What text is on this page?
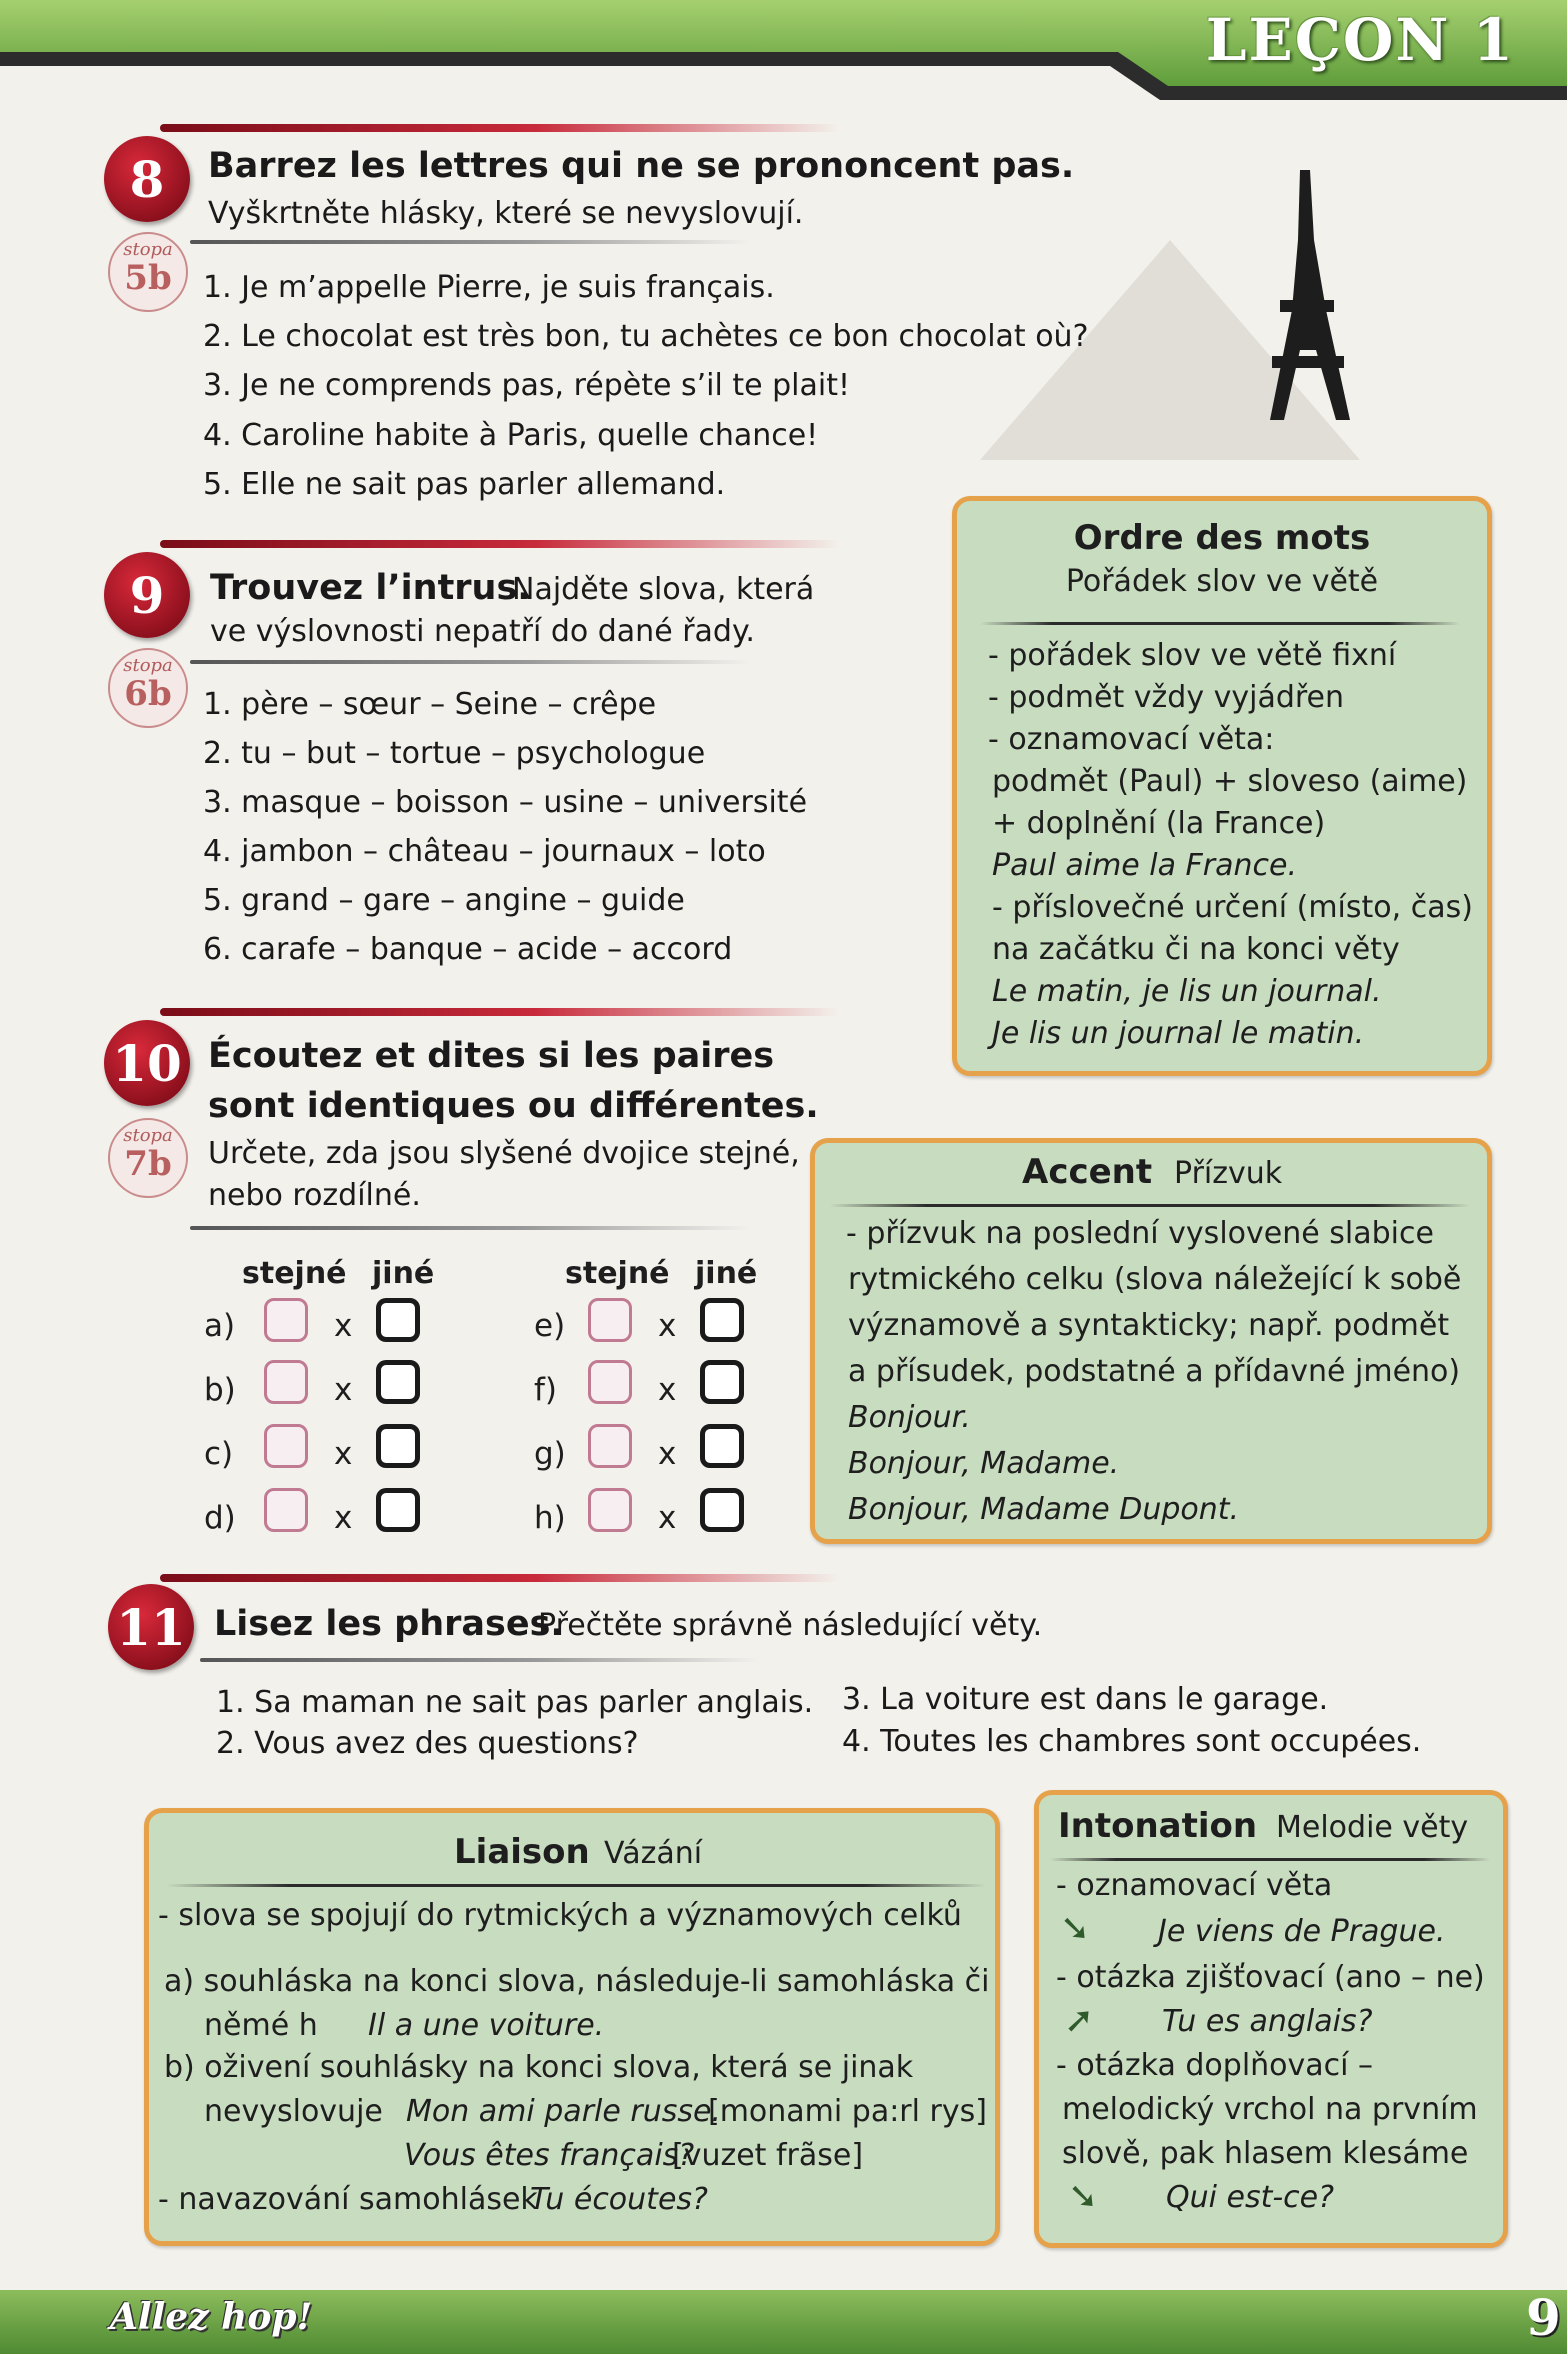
LEÇON 1
8	Barrez les lettres qui ne se prononcent pas.
Vyškrtněte hlásky, které se nevyslovují.
stopa
5b	1. Je m’appelle Pierre, je suis français.
2. Le chocolat est très bon, tu achètes ce bon chocolat où?
3. Je ne comprends pas, répète s’il te plait!
4. Caroline habite à Paris, quelle chance!
5. Elle ne sait pas parler allemand.
9	Trouvez l’intrus.
Najděte slova, která
ve výslovnosti nepatří do dané řady.
stopa
6b	1. père – sœur – Seine – crêpe
2. tu – but – tortue – psychologue
3. masque – boisson – usine – université
4. jambon – château – journaux – loto
5. grand – gare – angine – guide
6. carafe – banque – acide – accord
10 Écoutez et dites si les paires
sont identiques ou différentes.
stopa
7b	Určete, zda jsou slyšené dvojice stejné,
nebo rozdílné.
stejné jiné	stejné jiné
a)	x
b)	x
c)	x
d)	x
e)	x
f)	x
g)	x
h)	x
11 Lisez les phrases.
Přečtěte správně následující věty.
1. Sa maman ne sait pas parler anglais.
2. Vous avez des questions?
3. La voiture est dans le garage.
4. Toutes les chambres sont occupées.
Ordre des mots
Pořádek slov ve větě
- pořádek slov ve větě fixní
- podmět vždy vyjádřen
- oznamovací věta:
podmět (Paul) + sloveso (aime)
+ doplnění (la France)
Paul aime la France.
- příslovečné určení (místo, čas)
na začátku či na konci věty
Le matin, je lis un journal.
Je lis un journal le matin.
Accent Přízvuk
- přízvuk na poslední vyslovené slabice
rytmického celku (slova náležející k sobě
významově a syntakticky; např. podmět
a přísudek, podstatné a přídavné jméno)
Bonjour.
Bonjour, Madame.
Bonjour, Madame Dupont.
Liaison Vázání
- slova se spojují do rytmických a významových celků
a) souhláska na konci slova, následuje-li samohláska či
němé h Il a une voiture.
b) oživení souhlásky na konci slova, která se jinak
nevyslovuje Mon ami parle russe.
[monami pa:rl rys]
Vous êtes français?
[vuzet frãse]
- navazování samohlásek
Tu écoutes?
Intonation Melodie věty
- oznamovací věta
➘ Je viens de Prague.
- otázka zjišťovací (ano – ne)
➚ Tu es anglais?
- otázka doplňovací –
melodický vrchol na prvním
slově, pak hlasem klesáme
➘ Qui est-ce?
Allez hop!	9
